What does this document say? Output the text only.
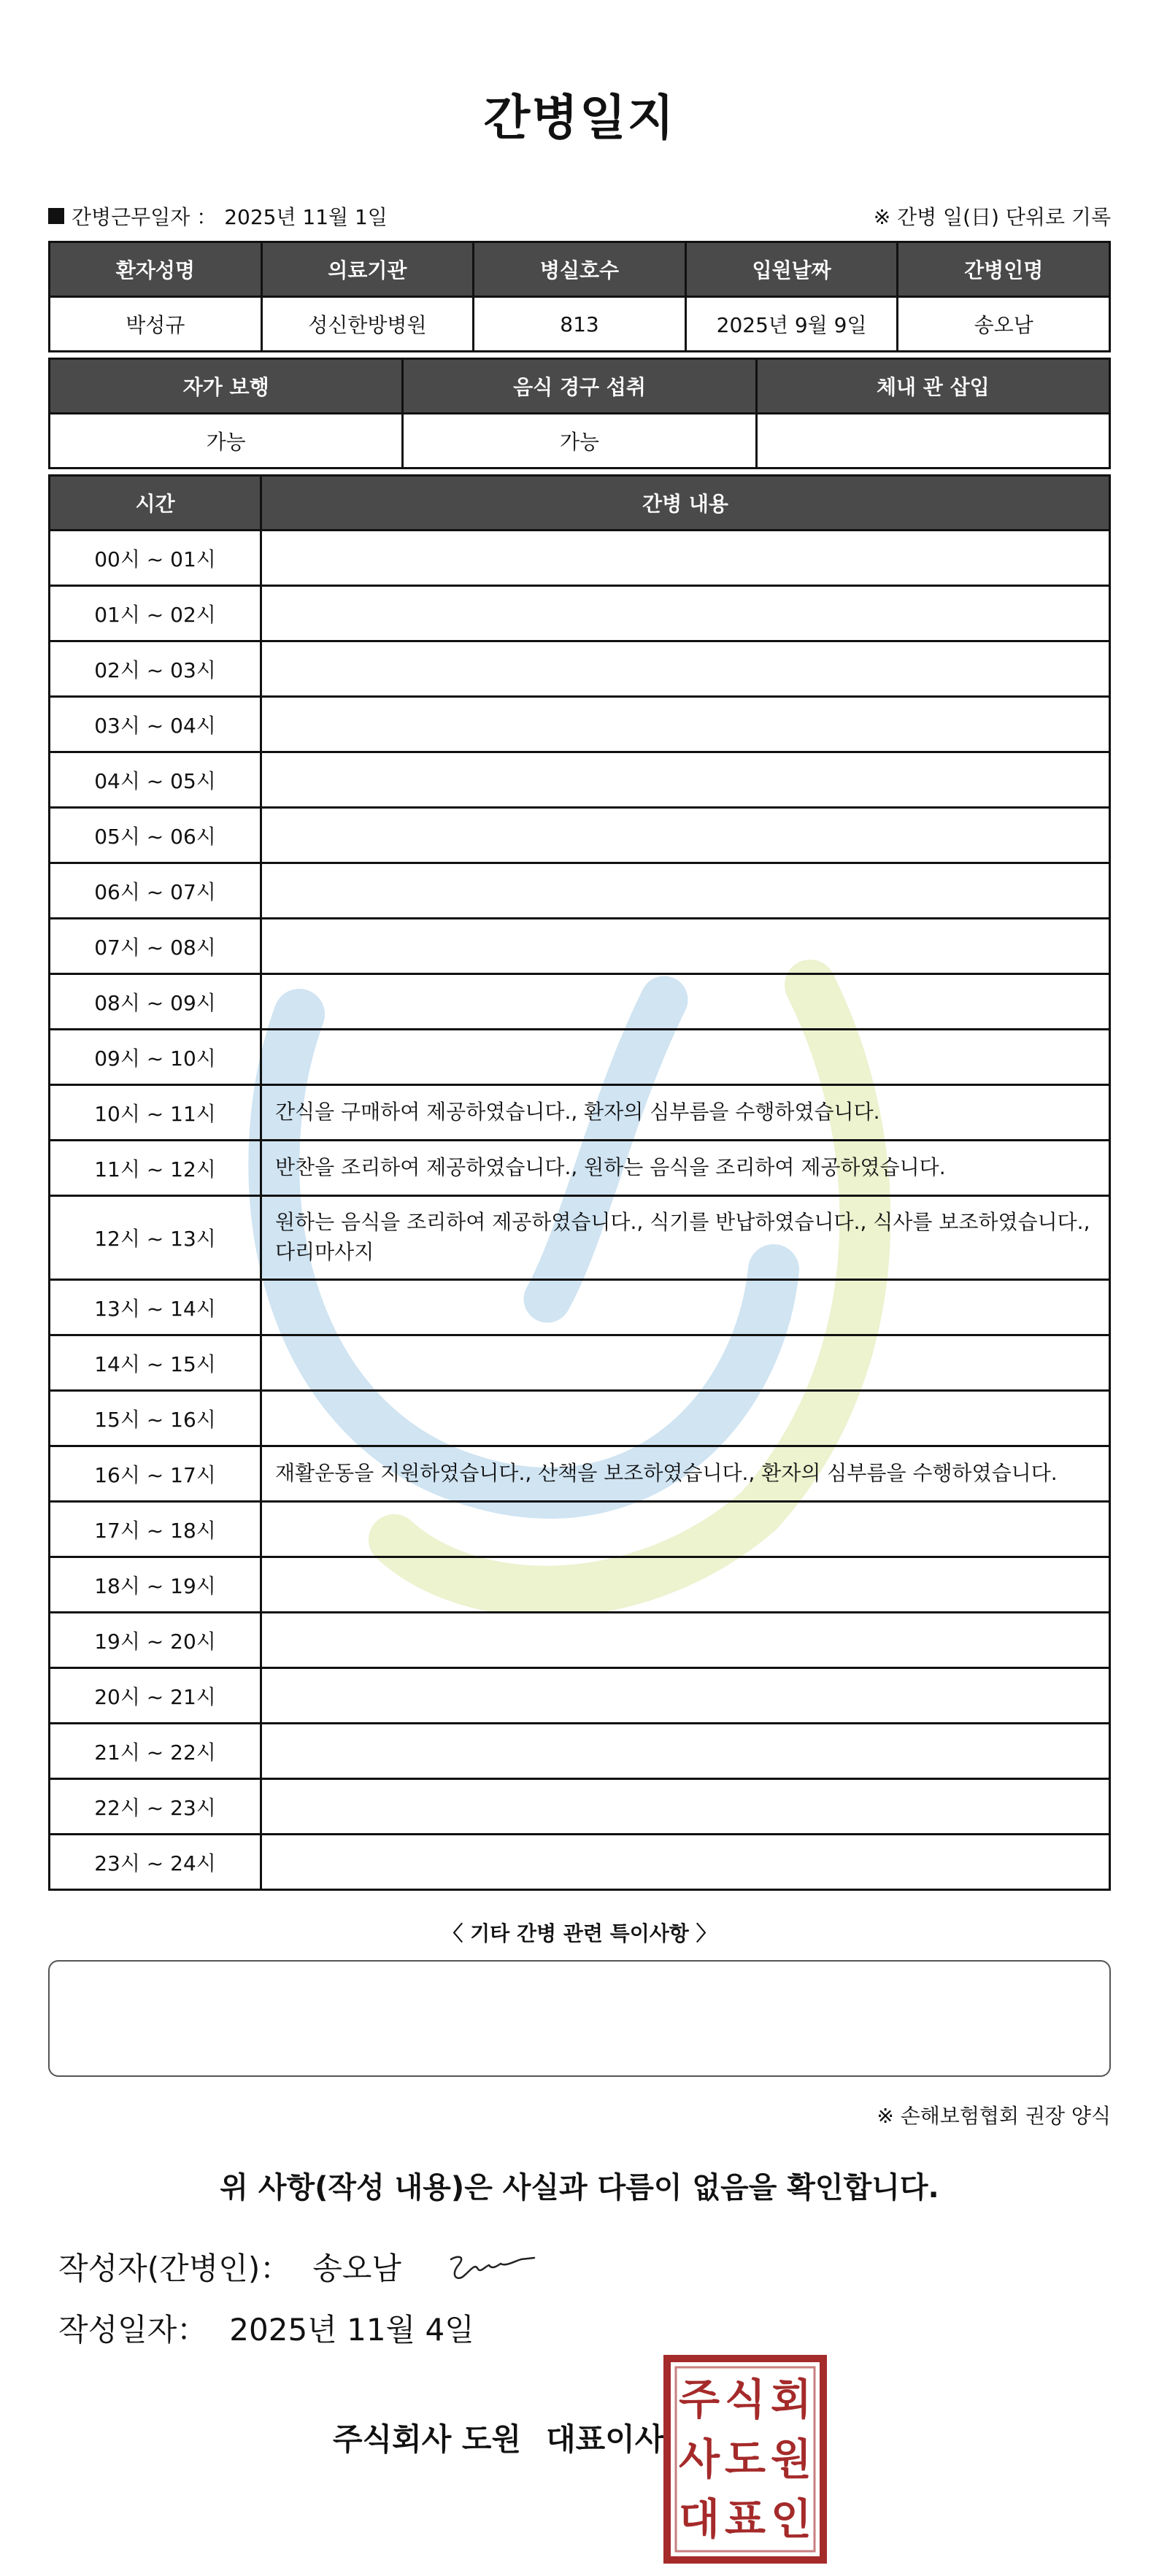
간병일지
간병근무일자 ： 2025년 11월 1일	※ 간병 일(日) 단위로 기록
환자성명	의료기관	병실호수	입원날짜	간병인명
박성규	성신한방병원	813	2025년 9월 9일	송오남
자가 보행	음식 경구 섭취	체내 관 삽입
가능	가능	
시간	간병 내용
00시 ~ 01시	
01시 ~ 02시	
02시 ~ 03시	
03시 ~ 04시	
04시 ~ 05시	
05시 ~ 06시	
06시 ~ 07시	
07시 ~ 08시	
08시 ~ 09시	
09시 ~ 10시	
10시 ~ 11시	간식을 구매하여 제공하였습니다., 환자의 심부름을 수행하였습니다.
11시 ~ 12시	반찬을 조리하여 제공하였습니다., 원하는 음식을 조리하여 제공하였습니다.
12시 ~ 13시	원하는 음식을 조리하여 제공하였습니다., 식기를 반납하였습니다., 식사를 보조하였습니다., 다리마사지
13시 ~ 14시	
14시 ~ 15시	
15시 ~ 16시	
16시 ~ 17시	재활운동을 지원하였습니다., 산책을 보조하였습니다., 환자의 심부름을 수행하였습니다.
17시 ~ 18시	
18시 ~ 19시	
19시 ~ 20시	
20시 ~ 21시	
21시 ~ 22시	
22시 ~ 23시	
23시 ~ 24시	
〈 기타 간병 관련 특이사항 〉
※ 손해보험협회 권장 양식
위 사항(작성 내용)은 사실과 다름이 없음을 확인합니다.
작성자(간병인)： 송오남
작성일자： 2025년 11월 4일
주식회사 도원 대표이사
주 식 회
사 도 원
대 표 인
